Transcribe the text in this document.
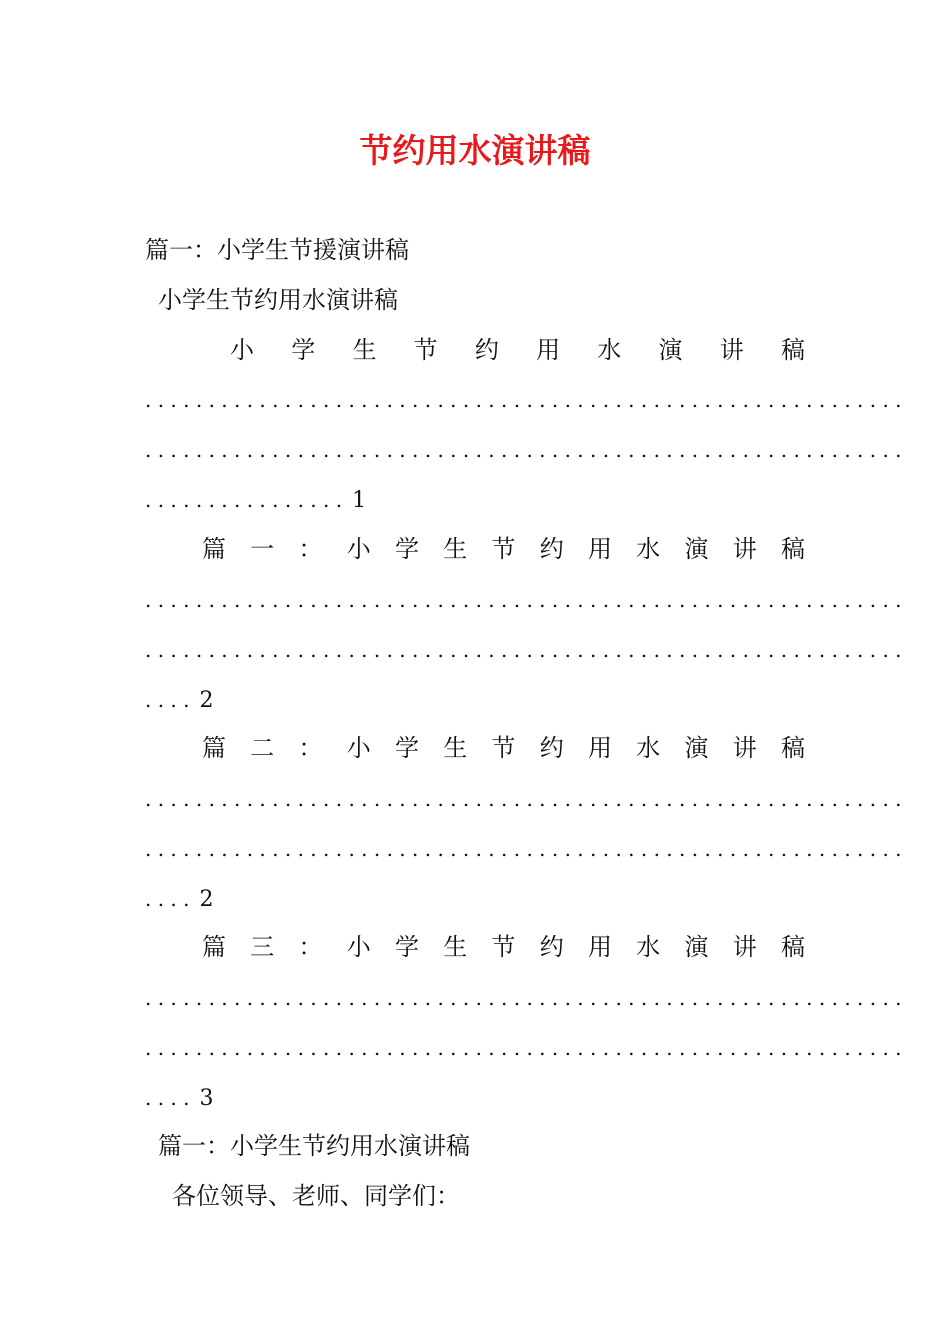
节约用水演讲稿
篇一：小学生节援演讲稿
小学生节约用水演讲稿
小 学 生 节 约 用 水 演 讲 稿
. . . . . . . . . . . . . . . . . . . . . . . . . . . . . . . . . . . . . . . . . . . . . . . . . . . . . . . . . . . .
. . . . . . . . . . . . . . . . . . . . . . . . . . . . . . . . . . . . . . . . . . . . . . . . . . . . . . . . . . . .
. . . . . . . . . . . . . . . . 1
篇 一 ： 小 学 生 节 约 用 水 演 讲 稿
. . . . . . . . . . . . . . . . . . . . . . . . . . . . . . . . . . . . . . . . . . . . . . . . . . . . . . . . . . . .
. . . . . . . . . . . . . . . . . . . . . . . . . . . . . . . . . . . . . . . . . . . . . . . . . . . . . . . . . . . .
. . . . 2
篇 二 ： 小 学 生 节 约 用 水 演 讲 稿
. . . . . . . . . . . . . . . . . . . . . . . . . . . . . . . . . . . . . . . . . . . . . . . . . . . . . . . . . . . .
. . . . . . . . . . . . . . . . . . . . . . . . . . . . . . . . . . . . . . . . . . . . . . . . . . . . . . . . . . . .
. . . . 2
篇 三 ： 小 学 生 节 约 用 水 演 讲 稿
. . . . . . . . . . . . . . . . . . . . . . . . . . . . . . . . . . . . . . . . . . . . . . . . . . . . . . . . . . . .
. . . . . . . . . . . . . . . . . . . . . . . . . . . . . . . . . . . . . . . . . . . . . . . . . . . . . . . . . . . .
. . . . 3
篇一：小学生节约用水演讲稿
各位领导、老师、同学们：
